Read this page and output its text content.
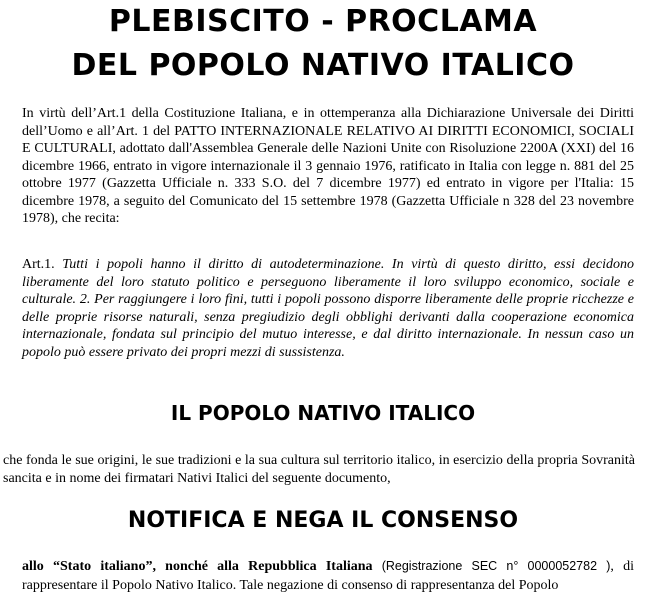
PLEBISCITO - PROCLAMA
DEL POPOLO NATIVO ITALICO

In virtù dell’Art.1 della Costituzione Italiana, e in ottemperanza alla Dichiarazione Universale dei Diritti dell’Uomo e all’Art. 1 del PATTO INTERNAZIONALE RELATIVO AI DIRITTI ECONOMICI, SOCIALI E CULTURALI, adottato dall'Assemblea Generale delle Nazioni Unite con Risoluzione 2200A (XXI) del 16 dicembre 1966, entrato in vigore internazionale il 3 gennaio 1976, ratificato in Italia con legge n. 881 del 25 ottobre 1977 (Gazzetta Ufficiale n. 333 S.O. del 7 dicembre 1977) ed entrato in vigore per l'Italia: 15 dicembre 1978, a seguito del Comunicato del 15 settembre 1978 (Gazzetta Ufficiale n 328 del 23 novembre 1978), che recita:

Art.1. Tutti i popoli hanno il diritto di autodeterminazione. In virtù di questo diritto, essi decidono liberamente del loro statuto politico e perseguono liberamente il loro sviluppo economico, sociale e culturale. 2. Per raggiungere i loro fini, tutti i popoli possono disporre liberamente delle proprie ricchezze e delle proprie risorse naturali, senza pregiudizio degli obblighi derivanti dalla cooperazione economica internazionale, fondata sul principio del mutuo interesse, e dal diritto internazionale. In nessun caso un popolo può essere privato dei propri mezzi di sussistenza.

IL POPOLO NATIVO ITALICO

che fonda le sue origini, le sue tradizioni e la sua cultura sul territorio italico, in esercizio della propria Sovranità sancita e in nome dei firmatari Nativi Italici del seguente documento,

NOTIFICA E NEGA IL CONSENSO

allo “Stato italiano”, nonché alla Repubblica Italiana (Registrazione SEC n° 0000052782 ), di rappresentare il Popolo Nativo Italico. Tale negazione di consenso di rappresentanza del Popolo
